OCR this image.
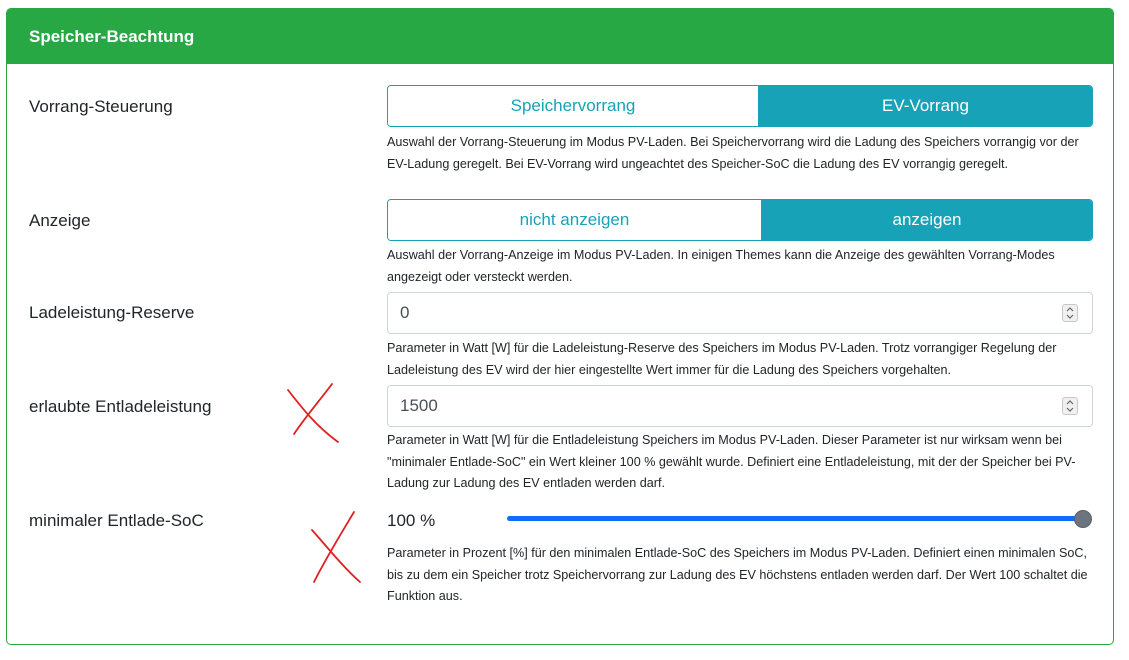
Speicher-Beachtung
Vorrang-Steuerung	Speichervorrang	EV-Vorrang
Auswahl der Vorrang-Steuerung im Modus PV-Laden. Bei Speichervorrang wird die Ladung des Speichers vorrangig vor der EV-Ladung geregelt. Bei EV-Vorrang wird ungeachtet des Speicher-SoC die Ladung des EV vorrangig geregelt.
Anzeige	nicht anzeigen	anzeigen
Auswahl der Vorrang-Anzeige im Modus PV-Laden. In einigen Themes kann die Anzeige des gewählten Vorrang-Modes angezeigt oder versteckt werden.
Ladeleistung-Reserve	0
Parameter in Watt [W] für die Ladeleistung-Reserve des Speichers im Modus PV-Laden. Trotz vorrangiger Regelung der Ladeleistung des EV wird der hier eingestellte Wert immer für die Ladung des Speichers vorgehalten.
erlaubte Entladeleistung	1500
Parameter in Watt [W] für die Entladeleistung Speichers im Modus PV-Laden. Dieser Parameter ist nur wirksam wenn bei "minimaler Entlade-SoC" ein Wert kleiner 100 % gewählt wurde. Definiert eine Entladeleistung, mit der der Speicher bei PV-Ladung zur Ladung des EV entladen werden darf.
minimaler Entlade-SoC	100 %
Parameter in Prozent [%] für den minimalen Entlade-SoC des Speichers im Modus PV-Laden. Definiert einen minimalen SoC, bis zu dem ein Speicher trotz Speichervorrang zur Ladung des EV höchstens entladen werden darf. Der Wert 100 schaltet die Funktion aus.
